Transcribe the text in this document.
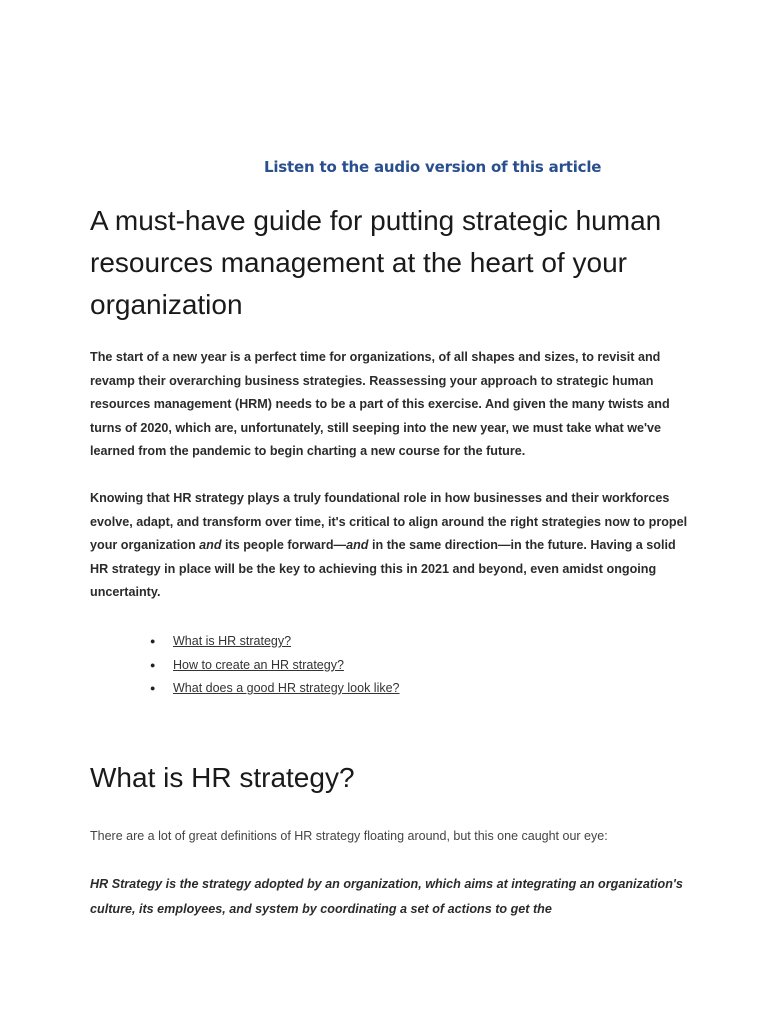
Listen to the audio version of this article
A must-have guide for putting strategic human resources management at the heart of your organization

The start of a new year is a perfect time for organizations, of all shapes and sizes, to revisit and revamp their overarching business strategies. Reassessing your approach to strategic human resources management (HRM) needs to be a part of this exercise. And given the many twists and turns of 2020, which are, unfortunately, still seeping into the new year, we must take what we've learned from the pandemic to begin charting a new course for the future.

Knowing that HR strategy plays a truly foundational role in how businesses and their workforces evolve, adapt, and transform over time, it's critical to align around the right strategies now to propel your organization and its people forward—and in the same direction—in the future. Having a solid HR strategy in place will be the key to achieving this in 2021 and beyond, even amidst ongoing uncertainty.

● What is HR strategy?
● How to create an HR strategy?
● What does a good HR strategy look like?
What is HR strategy?

There are a lot of great definitions of HR strategy floating around, but this one caught our eye:

HR Strategy is the strategy adopted by an organization, which aims at integrating an organization's culture, its employees, and system by coordinating a set of actions to get the
